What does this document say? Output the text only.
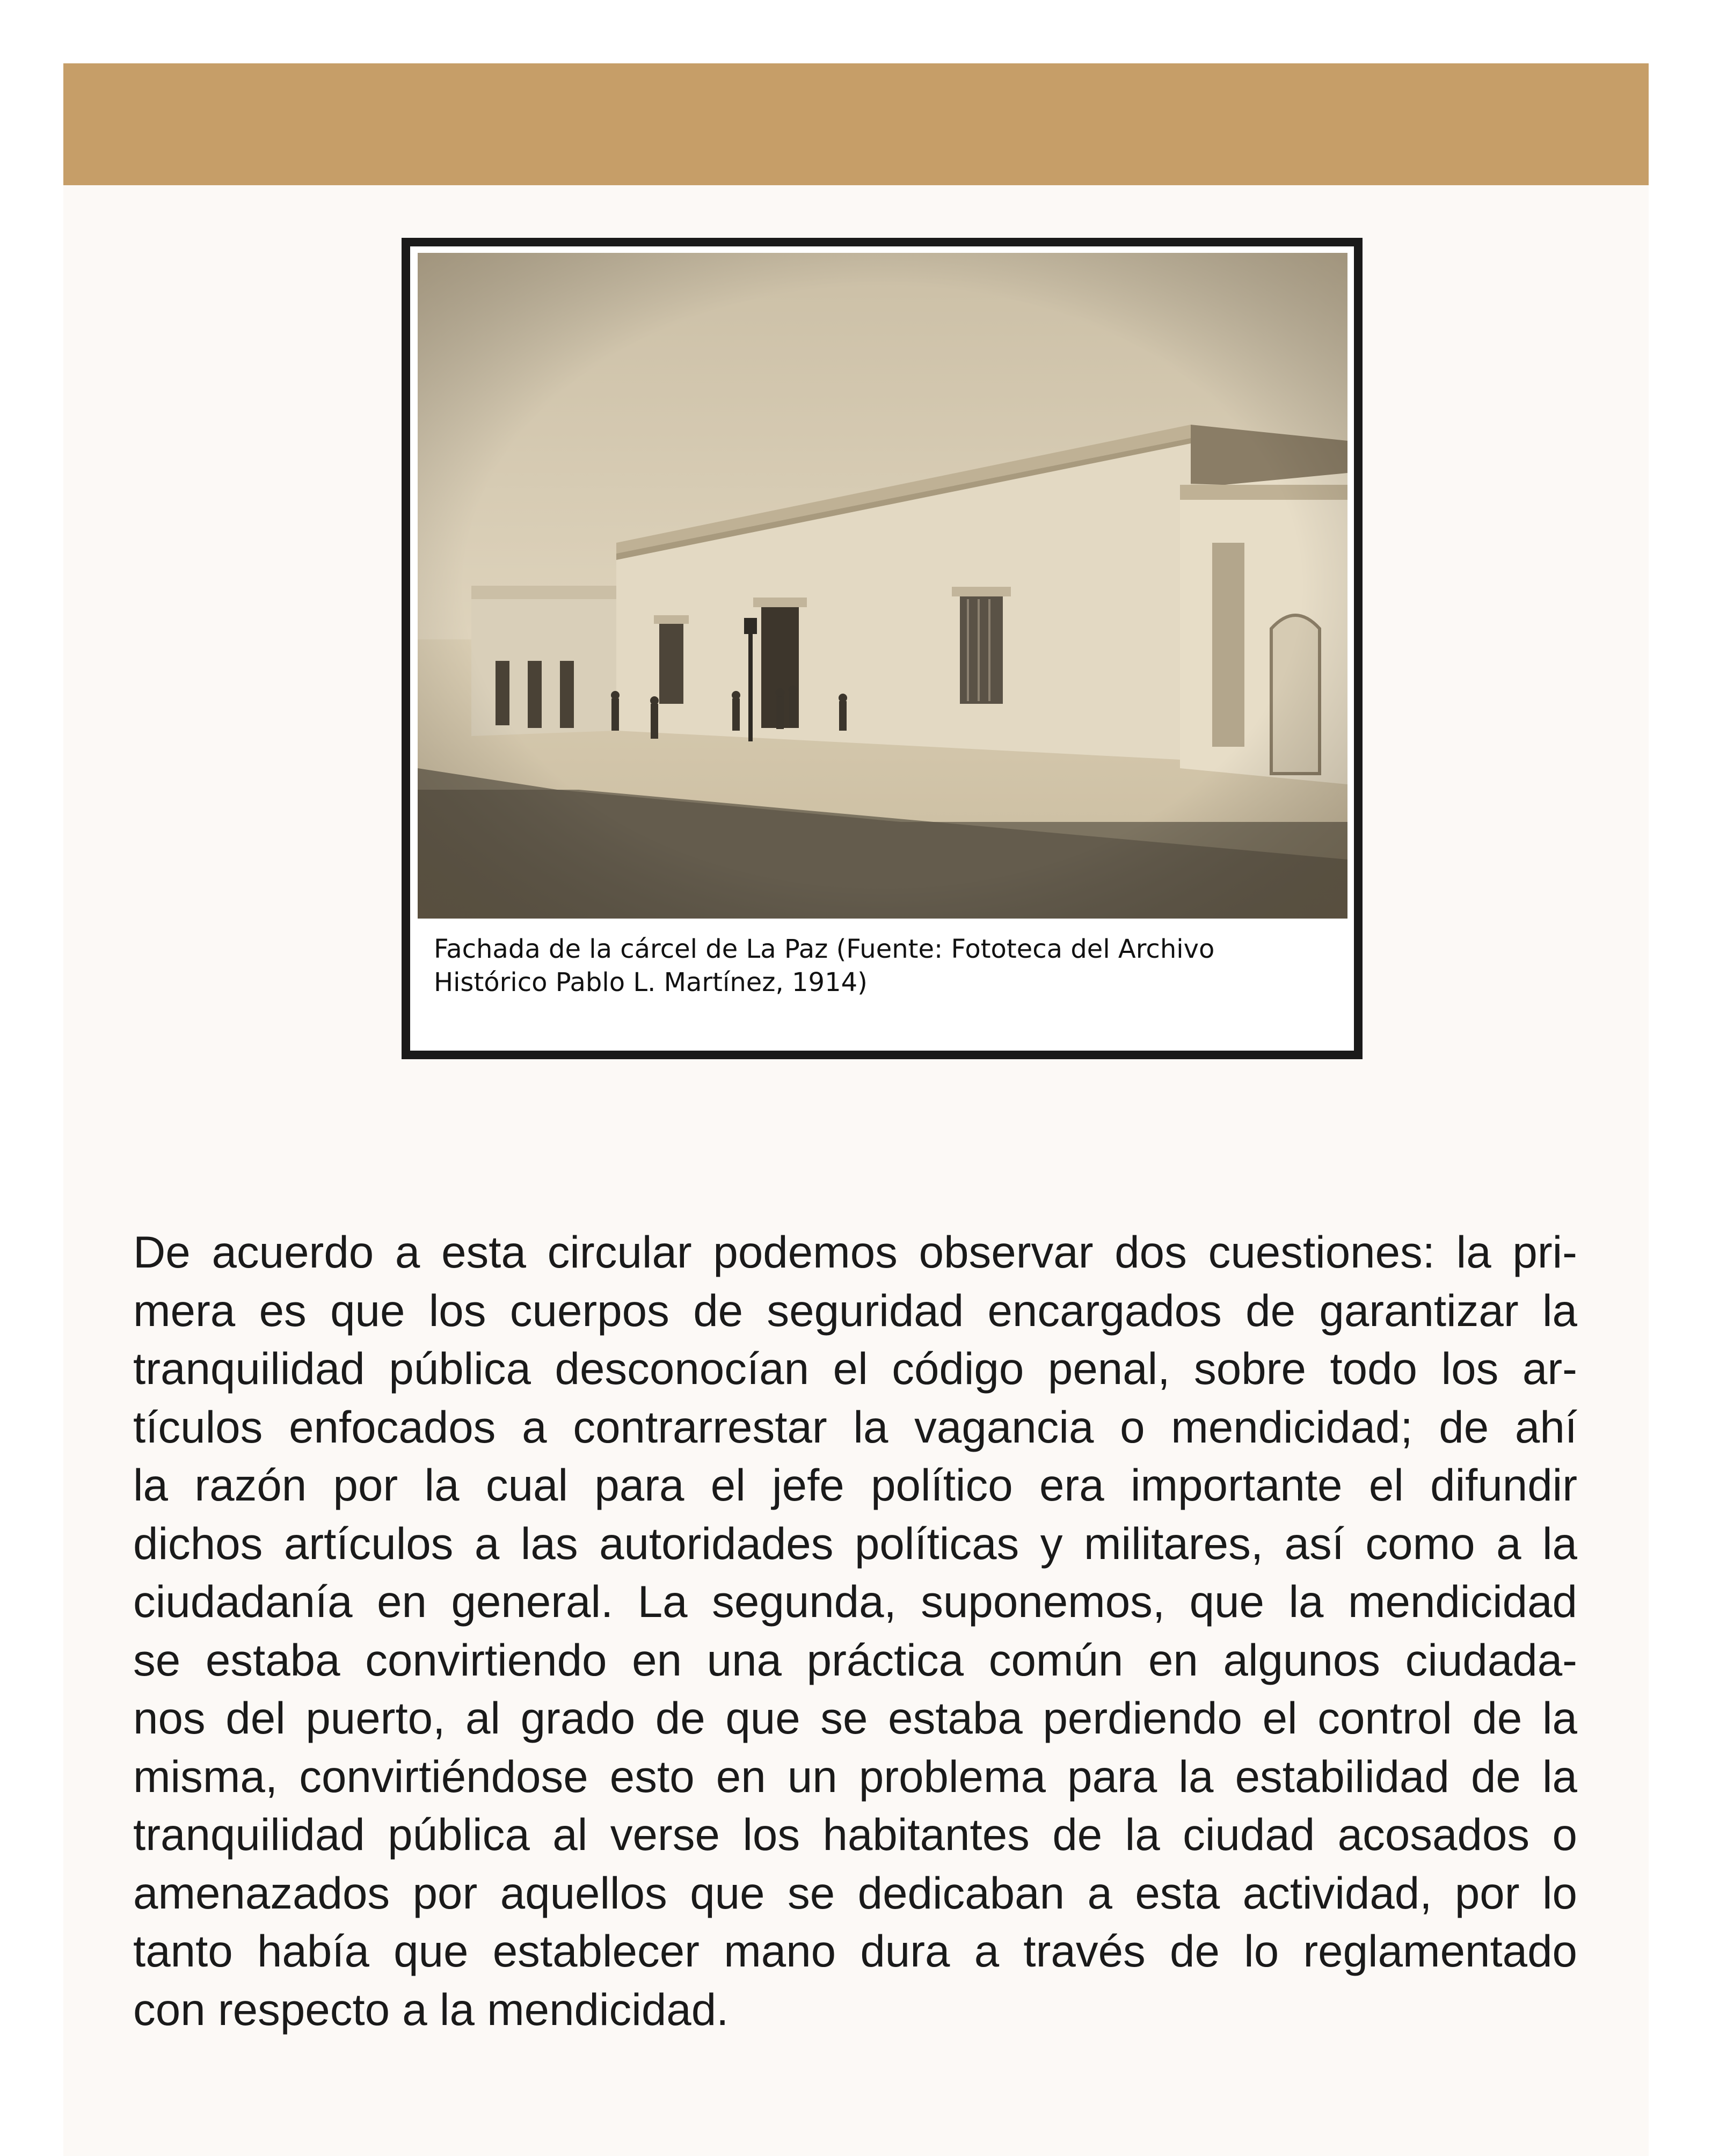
Fachada de la cárcel de La Paz (Fuente: Fototeca del Archivo
Histórico Pablo L. Martínez, 1914)

De acuerdo a esta circular podemos observar dos cuestiones: la pri-
mera es que los cuerpos de seguridad encargados de garantizar la
tranquilidad pública desconocían el código penal, sobre todo los ar-
tículos enfocados a contrarrestar la vagancia o mendicidad; de ahí
la razón por la cual para el jefe político era importante el difundir
dichos artículos a las autoridades políticas y militares, así como a la
ciudadanía en general. La segunda, suponemos, que la mendicidad
se estaba convirtiendo en una práctica común en algunos ciudada-
nos del puerto, al grado de que se estaba perdiendo el control de la
misma, convirtiéndose esto en un problema para la estabilidad de la
tranquilidad pública al verse los habitantes de la ciudad acosados o
amenazados por aquellos que se dedicaban a esta actividad, por lo
tanto había que establecer mano dura a través de lo reglamentado
con respecto a la mendicidad.
